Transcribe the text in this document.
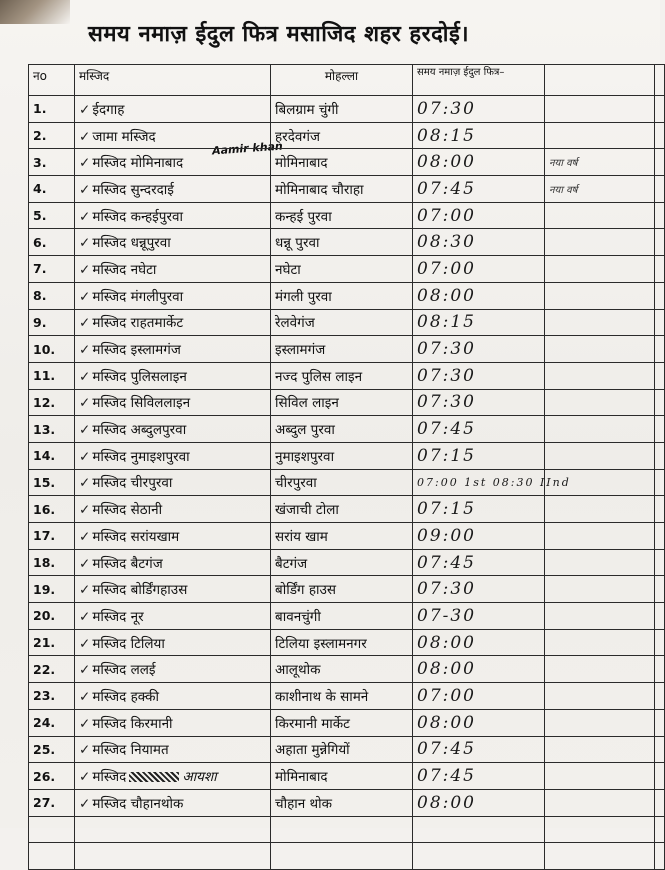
समय नमाज़ ईदुल फित्र मसाजिद शहर हरदोई।
Aamir khan
नo	मस्जिद	मोहल्ला	समय नमाज़ ईदुल फित्र–		
1.	✓ ईदगाह	बिलग्राम चुंगी	07:30		
2.	✓ जामा मस्जिद	हरदेवगंज	08:15		
3.	✓ मस्जिद मोमिनाबाद	मोमिनाबाद	08:00	नया वर्ष	
4.	✓ मस्जिद सुन्दरदाई	मोमिनाबाद चौराहा	07:45	नया वर्ष	
5.	✓ मस्जिद कन्हईपुरवा	कन्हई पुरवा	07:00		
6.	✓ मस्जिद धन्नूपुरवा	धन्नू पुरवा	08:30		
7.	✓ मस्जिद नघेटा	नघेटा	07:00		
8.	✓ मस्जिद मंगलीपुरवा	मंगली पुरवा	08:00		
9.	✓ मस्जिद राहतमार्केट	रेलवेगंज	08:15		
10.	✓ मस्जिद इस्लामगंज	इस्लामगंज	07:30		
11.	✓ मस्जिद पुलिसलाइन	नज्द पुलिस लाइन	07:30		
12.	✓ मस्जिद सिविललाइन	सिविल लाइन	07:30		
13.	✓ मस्जिद अब्दुलपुरवा	अब्दुल पुरवा	07:45		
14.	✓ मस्जिद नुमाइशपुरवा	नुमाइशपुरवा	07:15		
15.	✓ मस्जिद चीरपुरवा	चीरपुरवा	07:00 1st 08:30 IInd		
16.	✓ मस्जिद सेठानी	खंजाची टोला	07:15		
17.	✓ मस्जिद सरांयखाम	सरांय खाम	09:00		
18.	✓ मस्जिद बैटगंज	बैटगंज	07:45		
19.	✓ मस्जिद बोर्डिंगहाउस	बोर्डिंग हाउस	07:30		
20.	✓ मस्जिद नूर	बावनचुंगी	07-30		
21.	✓ मस्जिद टिलिया	टिलिया इस्लामनगर	08:00		
22.	✓ मस्जिद ललई	आलूथोक	08:00		
23.	✓ मस्जिद हक्की	काशीनाथ के सामने	07:00		
24.	✓ मस्जिद किरमानी	किरमानी मार्केट	08:00		
25.	✓ मस्जिद नियामत	अहाता मुन्नेगियों	07:45		
26.	✓ मस्जिद आयशा	मोमिनाबाद	07:45		
27.	✓ मस्जिद चौहानथोक	चौहान थोक	08:00		
